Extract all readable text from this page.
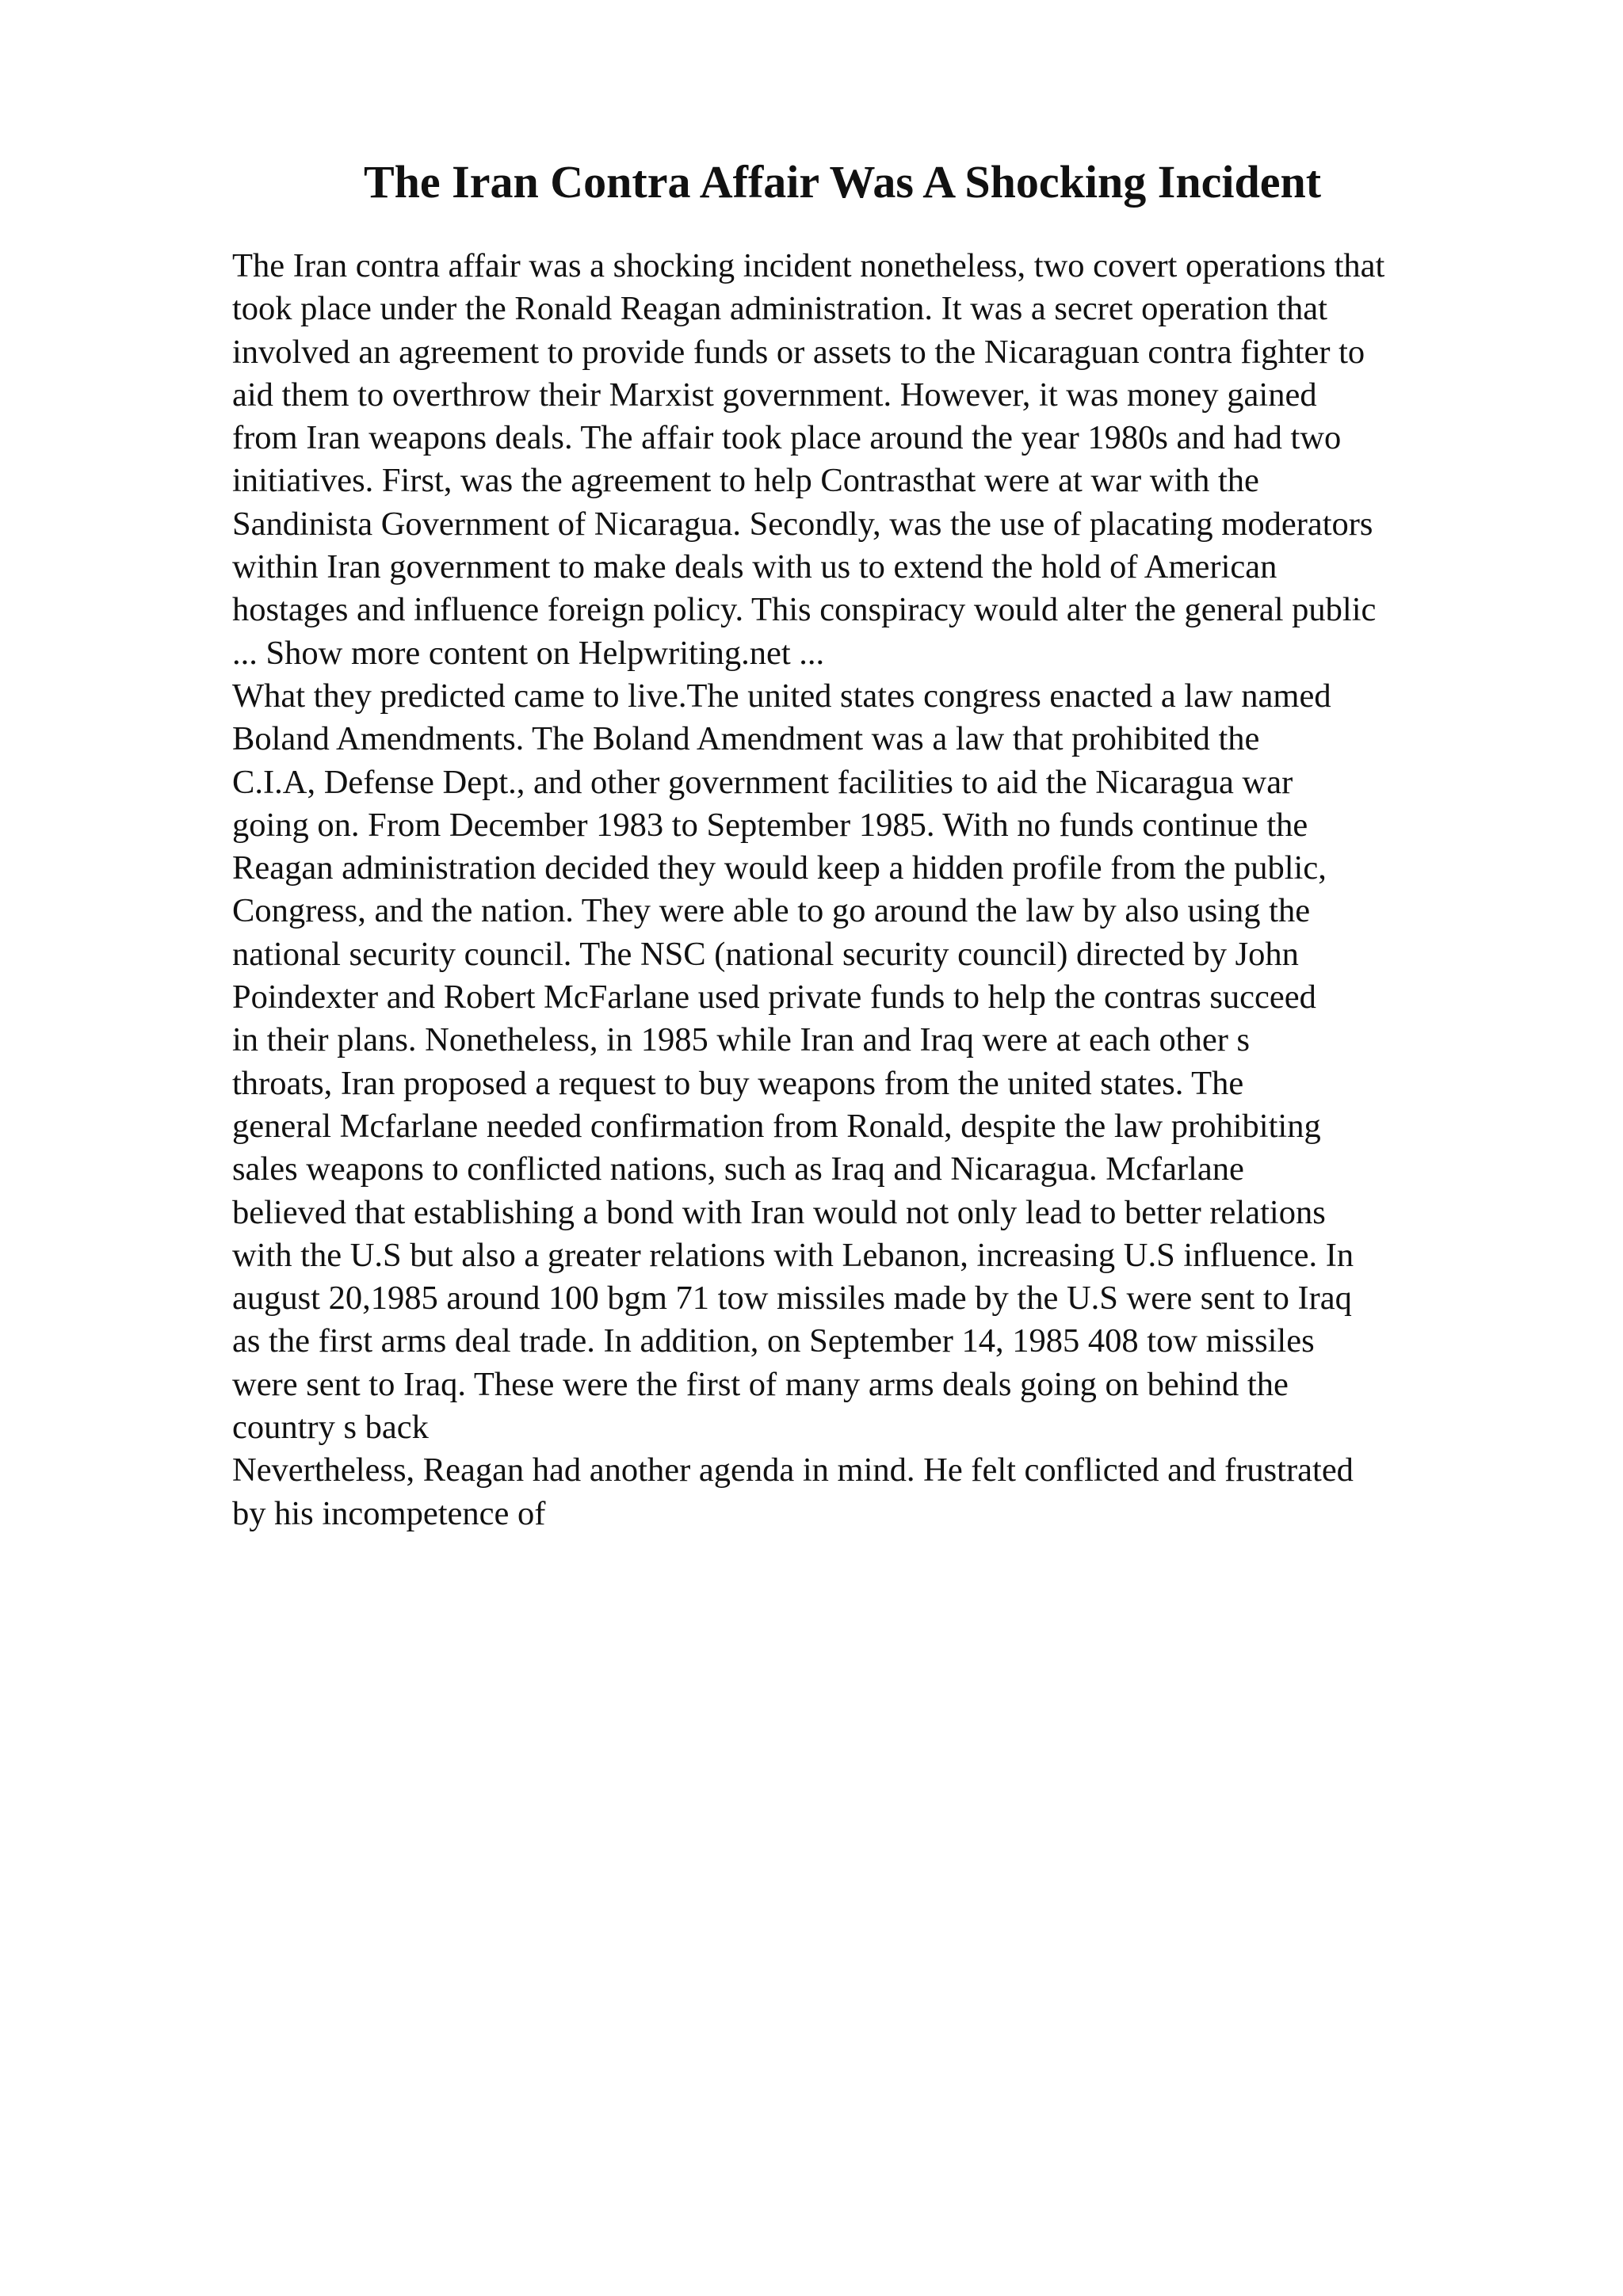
The Iran Contra Affair Was A Shocking Incident
The Iran contra affair was a shocking incident nonetheless, two covert operations that
took place under the Ronald Reagan administration. It was a secret operation that
involved an agreement to provide funds or assets to the Nicaraguan contra fighter to
aid them to overthrow their Marxist government. However, it was money gained
from Iran weapons deals. The affair took place around the year 1980s and had two
initiatives. First, was the agreement to help Contrasthat were at war with the
Sandinista Government of Nicaragua. Secondly, was the use of placating moderators
within Iran government to make deals with us to extend the hold of American
hostages and influence foreign policy. This conspiracy would alter the general public
... Show more content on Helpwriting.net ...
What they predicted came to live.The united states congress enacted a law named
Boland Amendments. The Boland Amendment was a law that prohibited the
C.I.A, Defense Dept., and other government facilities to aid the Nicaragua war
going on. From December 1983 to September 1985. With no funds continue the
Reagan administration decided they would keep a hidden profile from the public,
Congress, and the nation. They were able to go around the law by also using the
national security council. The NSC (national security council) directed by John
Poindexter and Robert McFarlane used private funds to help the contras succeed
in their plans. Nonetheless, in 1985 while Iran and Iraq were at each other s
throats, Iran proposed a request to buy weapons from the united states. The
general Mcfarlane needed confirmation from Ronald, despite the law prohibiting
sales weapons to conflicted nations, such as Iraq and Nicaragua. Mcfarlane
believed that establishing a bond with Iran would not only lead to better relations
with the U.S but also a greater relations with Lebanon, increasing U.S influence. In
august 20,1985 around 100 bgm 71 tow missiles made by the U.S were sent to Iraq
as the first arms deal trade. In addition, on September 14, 1985 408 tow missiles
were sent to Iraq. These were the first of many arms deals going on behind the
country s back
Nevertheless, Reagan had another agenda in mind. He felt conflicted and frustrated
by his incompetence of
